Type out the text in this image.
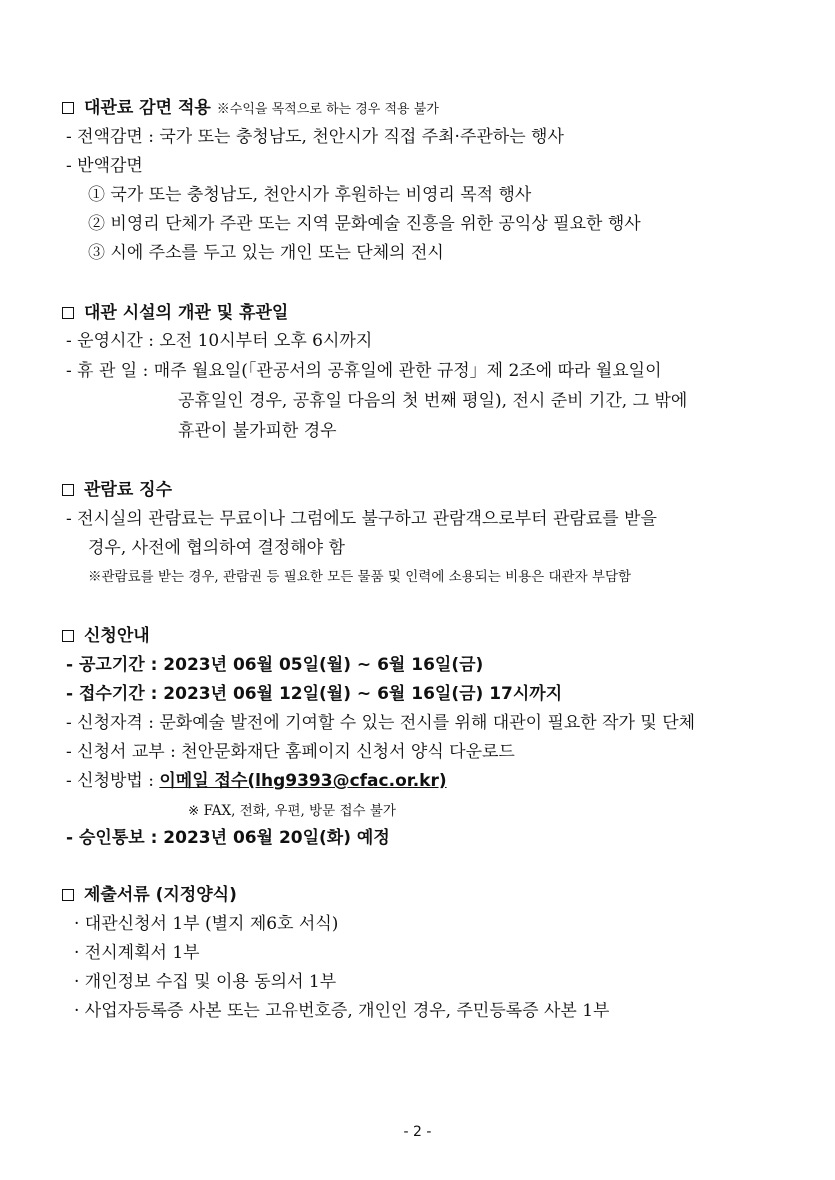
대관료 감면 적용 ※수익을 목적으로 하는 경우 적용 불가
- 전액감면 : 국가 또는 충청남도, 천안시가 직접 주최·주관하는 행사
- 반액감면
① 국가 또는 충청남도, 천안시가 후원하는 비영리 목적 행사
② 비영리 단체가 주관 또는 지역 문화예술 진흥을 위한 공익상 필요한 행사
③ 시에 주소를 두고 있는 개인 또는 단체의 전시
대관 시설의 개관 및 휴관일
- 운영시간 : 오전 10시부터 오후 6시까지
- 휴 관 일 : 매주 월요일(「관공서의 공휴일에 관한 규정」제 2조에 따라 월요일이
공휴일인 경우, 공휴일 다음의 첫 번째 평일), 전시 준비 기간, 그 밖에
휴관이 불가피한 경우
관람료 징수
- 전시실의 관람료는 무료이나 그럼에도 불구하고 관람객으로부터 관람료를 받을
경우, 사전에 협의하여 결정해야 함
※관람료를 받는 경우, 관람권 등 필요한 모든 물품 및 인력에 소용되는 비용은 대관자 부담함
신청안내
- 공고기간 : 2023년 06월 05일(월) ~ 6월 16일(금)
- 접수기간 : 2023년 06월 12일(월) ~ 6월 16일(금) 17시까지
- 신청자격 : 문화예술 발전에 기여할 수 있는 전시를 위해 대관이 필요한 작가 및 단체
- 신청서 교부 : 천안문화재단 홈페이지 신청서 양식 다운로드
- 신청방법 : 이메일 접수(lhg9393@cfac.or.kr)
※ FAX, 전화, 우편, 방문 접수 불가
- 승인통보 : 2023년 06월 20일(화) 예정
제출서류 (지정양식)
· 대관신청서 1부 (별지 제6호 서식)
· 전시계획서 1부
· 개인정보 수집 및 이용 동의서 1부
· 사업자등록증 사본 또는 고유번호증, 개인인 경우, 주민등록증 사본 1부
- 2 -
